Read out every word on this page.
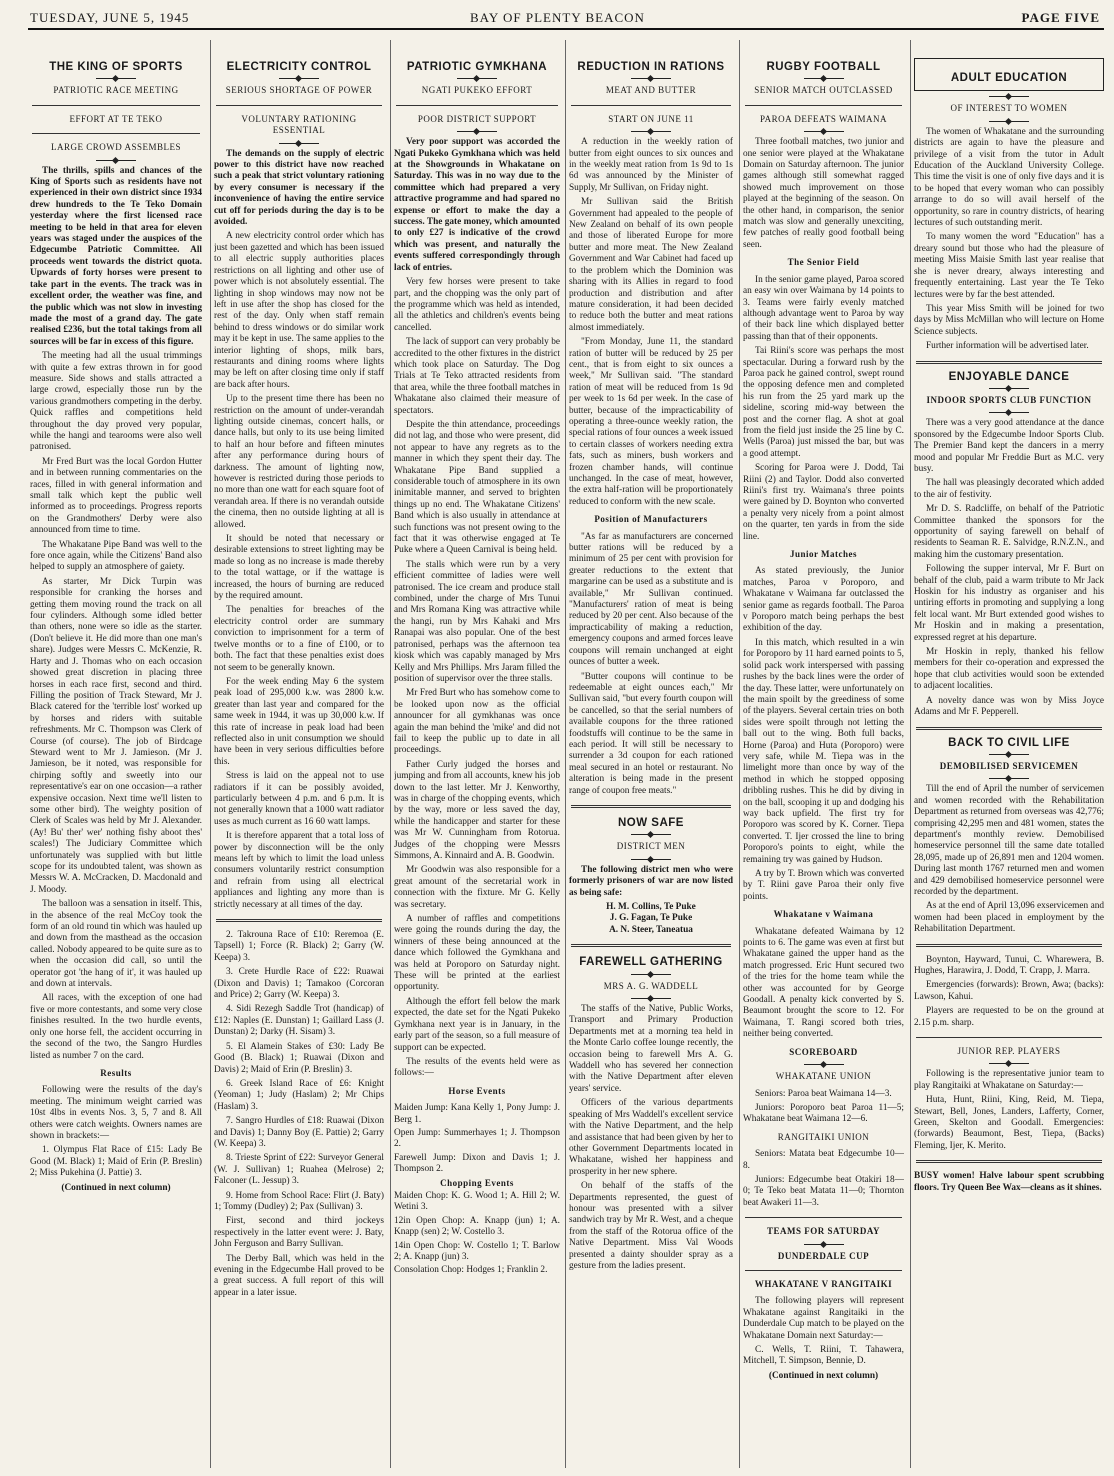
TUESDAY, JUNE 5, 1945	BAY OF PLENTY BEACON	PAGE FIVE
THE KING OF SPORTS
PATRIOTIC RACE MEETING
EFFORT AT TE TEKO
LARGE CROWD ASSEMBLES

The thrills, spills and chances of the King of Sports such as residents have not experienced in their own district since 1934 drew hundreds to the Te Teko Domain yesterday where the first licensed race meeting to be held in that area for eleven years was staged under the auspices of the Edgecumbe Patriotic Committee. All proceeds went towards the district quota. Upwards of forty horses were present to take part in the events. The track was in excellent order, the weather was fine, and the public which was not slow in investing made the most of a grand day. The gate realised £236, but the total takings from all sources will be far in excess of this figure.

The meeting had all the usual trimmings with quite a few extras thrown in for good measure. Side shows and stalls attracted a large crowd, especially those run by the various grandmothers competing in the derby. Quick raffles and competitions held throughout the day proved very popular, while the hangi and tearooms were also well patronised.

Mr Fred Burt was the local Gordon Hutter and in between running commentaries on the races, filled in with general information and small talk which kept the public well informed as to proceedings. Progress reports on the Grandmothers' Derby were also announced from time to time.

The Whakatane Pipe Band was well to the fore once again, while the Citizens' Band also helped to supply an atmosphere of gaiety.

As starter, Mr Dick Turpin was responsible for cranking the horses and getting them moving round the track on all four cylinders. Although some idled better than others, none were so idle as the starter. (Don't believe it. He did more than one man's share). Judges were Messrs C. McKenzie, R. Harty and J. Thomas who on each occasion showed great discretion in placing three horses in each race first, second and third. Filling the position of Track Steward, Mr J. Black catered for the 'terrible lost' worked up by horses and riders with suitable refreshments. Mr C. Thompson was Clerk of Course (of course). The job of Birdcage Steward went to Mr J. Jamieson. (Mr J. Jamieson, be it noted, was responsible for chirping softly and sweetly into our representative's ear on one occasion—a rather expensive occasion. Next time we'll listen to some other bird). The weighty position of Clerk of Scales was held by Mr J. Alexander. (Ay! Bu' ther' wer' nothing fishy aboot thes' scales!) The Judiciary Committee which unfortunately was supplied with but little scope for its undoubted talent, was shown as Messrs W. A. McCracken, D. Macdonald and J. Moody.

The balloon was a sensation in itself. This, in the absence of the real McCoy took the form of an old round tin which was hauled up and down from the masthead as the occasion called. Nobody appeared to be quite sure as to when the occasion did call, so until the operator got 'the hang of it', it was hauled up and down at intervals.

All races, with the exception of one had five or more contestants, and some very close finishes resulted. In the two hurdle events, only one horse fell, the accident occurring in the second of the two, the Sangro Hurdles listed as number 7 on the card.

Results

Following were the results of the day's meeting. The minimum weight carried was 10st 4lbs in events Nos. 3, 5, 7 and 8. All others were catch weights. Owners names are shown in brackets:—

1. Olympus Flat Race of £15: Lady Be Good (M. Black) 1; Maid of Erin (P. Breslin) 2; Miss Pukehina (J. Pattie) 3.

(Continued in next column)

ELECTRICITY CONTROL
SERIOUS SHORTAGE OF POWER
VOLUNTARY RATIONING ESSENTIAL

The demands on the supply of electric power to this district have now reached such a peak that strict voluntary rationing by every consumer is necessary if the inconvenience of having the entire service cut off for periods during the day is to be avoided.

A new electricity control order which has just been gazetted and which has been issued to all electric supply authorities places restrictions on all lighting and other use of power which is not absolutely essential. The lighting in shop windows may now not be left in use after the shop has closed for the rest of the day. Only when staff remain behind to dress windows or do similar work may it be kept in use. The same applies to the interior lighting of shops, milk bars, restaurants and dining rooms where lights may be left on after closing time only if staff are back after hours.

Up to the present time there has been no restriction on the amount of under-verandah lighting outside cinemas, concert halls, or dance halls, but only to its use being limited to half an hour before and fifteen minutes after any performance during hours of darkness. The amount of lighting now, however is restricted during those periods to no more than one watt for each square foot of verandah area. If there is no verandah outside the cinema, then no outside lighting at all is allowed.

It should be noted that necessary or desirable extensions to street lighting may be made so long as no increase is made thereby to the total wattage, or if the wattage is increased, the hours of burning are reduced by the required amount.

The penalties for breaches of the electricity control order are summary conviction to imprisonment for a term of twelve months or to a fine of £100, or to both. The fact that these penalties exist does not seem to be generally known.

For the week ending May 6 the system peak load of 295,000 k.w. was 2800 k.w. greater than last year and compared for the same week in 1944, it was up 30,000 k.w. If this rate of increase in peak load had been reflected also in unit consumption we should have been in very serious difficulties before this.

Stress is laid on the appeal not to use radiators if it can be possibly avoided, particularly between 4 p.m. and 6 p.m. It is not generally known that a 1000 watt radiator uses as much current as 16 60 watt lamps.

It is therefore apparent that a total loss of power by disconnection will be the only means left by which to limit the load unless consumers voluntarily restrict consumption and refrain from using all electrical appliances and lighting any more than is strictly necessary at all times of the day.

2. Takrouna Race of £10: Reremoa (E. Tapsell) 1; Force (R. Black) 2; Garry (W. Keepa) 3.

3. Crete Hurdle Race of £22: Ruawai (Dixon and Davis) 1; Tamakoo (Corcoran and Price) 2; Garry (W. Keepa) 3.

4. Sidi Rezegh Saddle Trot (handicap) of £12: Naples (E. Dunstan) 1; Gaillard Lass (J. Dunstan) 2; Darky (H. Sisam) 3.

5. El Alamein Stakes of £30: Lady Be Good (B. Black) 1; Ruawai (Dixon and Davis) 2; Maid of Erin (P. Breslin) 3.

6. Greek Island Race of £6: Knight (Yeoman) 1; Judy (Haslam) 2; Mr Chips (Haslam) 3.

7. Sangro Hurdles of £18: Ruawai (Dixon and Davis) 1; Danny Boy (E. Pattie) 2; Garry (W. Keepa) 3.

8. Trieste Sprint of £22: Surveyor General (W. J. Sullivan) 1; Ruahea (Melrose) 2; Falconer (L. Jessup) 3.

9. Home from School Race: Flirt (J. Baty) 1; Tommy (Dudley) 2; Pax (Sullivan) 3.

First, second and third jockeys respectively in the latter event were: J. Baty, John Ferguson and Barry Sullivan.

The Derby Ball, which was held in the evening in the Edgecumbe Hall proved to be a great success. A full report of this will appear in a later issue.

PATRIOTIC GYMKHANA
NGATI PUKEKO EFFORT
POOR DISTRICT SUPPORT

Very poor support was accorded the Ngati Pukeko Gymkhana which was held at the Showgrounds in Whakatane on Saturday. This was in no way due to the committee which had prepared a very attractive programme and had spared no expense or effort to make the day a success. The gate money, which amounted to only £27 is indicative of the crowd which was present, and naturally the events suffered correspondingly through lack of entries.

Very few horses were present to take part, and the chopping was the only part of the programme which was held as intended, all the athletics and children's events being cancelled.

The lack of support can very probably be accredited to the other fixtures in the district which took place on Saturday. The Dog Trials at Te Teko attracted residents from that area, while the three football matches in Whakatane also claimed their measure of spectators.

Despite the thin attendance, proceedings did not lag, and those who were present, did not appear to have any regrets as to the manner in which they spent their day. The Whakatane Pipe Band supplied a considerable touch of atmosphere in its own inimitable manner, and served to brighten things up no end. The Whakatane Citizens' Band which is also usually in attendance at such functions was not present owing to the fact that it was otherwise engaged at Te Puke where a Queen Carnival is being held.

The stalls which were run by a very efficient committee of ladies were well patronised. The ice cream and produce stall combined, under the charge of Mrs Tunui and Mrs Romana King was attractive while the hangi, run by Mrs Kahaki and Mrs Ranapai was also popular. One of the best patronised, perhaps was the afternoon tea kiosk which was capably managed by Mrs Kelly and Mrs Phillips. Mrs Jaram filled the position of supervisor over the three stalls.

Mr Fred Burt who has somehow come to be looked upon now as the official announcer for all gymkhanas was once again the man behind the 'mike' and did not fail to keep the public up to date in all proceedings.

Father Curly judged the horses and jumping and from all accounts, knew his job down to the last letter. Mr J. Kenworthy, was in charge of the chopping events, which by the way, more or less saved the day, while the handicapper and starter for these was Mr W. Cunningham from Rotorua. Judges of the chopping were Messrs Simmons, A. Kinnaird and A. B. Goodwin.

Mr Goodwin was also responsible for a great amount of the secretarial work in connection with the fixture. Mr G. Kelly was secretary.

A number of raffles and competitions were going the rounds during the day, the winners of these being announced at the dance which followed the Gymkhana and was held at Poroporo on Saturday night. These will be printed at the earliest opportunity.

Although the effort fell below the mark expected, the date set for the Ngati Pukeko Gymkhana next year is in January, in the early part of the season, so a full measure of support can be expected.

The results of the events held were as follows:—

Horse Events

Maiden Jump: Kana Kelly 1, Pony Jump: J. Berg 1.

Open Jump: Summerhayes 1; J. Thompson 2.

Farewell Jump: Dixon and Davis 1; J. Thompson 2.

Chopping Events

Maiden Chop: K. G. Wood 1; A. Hill 2; W. Wetini 3.

12in Open Chop: A. Knapp (jun) 1; A. Knapp (sen) 2; W. Costello 3.

14in Open Chop: W. Costello 1; T. Barlow 2; A. Knapp (jun) 3.

Consolation Chop: Hodges 1; Franklin 2.

REDUCTION IN RATIONS
MEAT AND BUTTER
START ON JUNE 11

A reduction in the weekly ration of butter from eight ounces to six ounces and in the weekly meat ration from 1s 9d to 1s 6d was announced by the Minister of Supply, Mr Sullivan, on Friday night.

Mr Sullivan said the British Government had appealed to the people of New Zealand on behalf of its own people and those of liberated Europe for more butter and more meat. The New Zealand Government and War Cabinet had faced up to the problem which the Dominion was sharing with its Allies in regard to food production and distribution and after mature consideration, it had been decided to reduce both the butter and meat rations almost immediately.

"From Monday, June 11, the standard ration of butter will be reduced by 25 per cent., that is from eight to six ounces a week," Mr Sullivan said. "The standard ration of meat will be reduced from 1s 9d per week to 1s 6d per week. In the case of butter, because of the impracticability of operating a three-ounce weekly ration, the special rations of four ounces a week issued to certain classes of workers needing extra fats, such as miners, bush workers and frozen chamber hands, will continue unchanged. In the case of meat, however, the extra half-ration will be proportionately reduced to conform with the new scale.

Position of Manufacturers

"As far as manufacturers are concerned butter rations will be reduced by a minimum of 25 per cent with provision for greater reductions to the extent that margarine can be used as a substitute and is available," Mr Sullivan continued. "Manufacturers' ration of meat is being reduced by 20 per cent. Also because of the impracticability of making a reduction, emergency coupons and armed forces leave coupons will remain unchanged at eight ounces of butter a week.

"Butter coupons will continue to be redeemable at eight ounces each," Mr Sullivan said, "but every fourth coupon will be cancelled, so that the serial numbers of available coupons for the three rationed foodstuffs will continue to be the same in each period. It will still be necessary to surrender a 3d coupon for each rationed meal secured in an hotel or restaurant. No alteration is being made in the present range of coupon free meats."

NOW SAFE
DISTRICT MEN

The following district men who were formerly prisoners of war are now listed as being safe:

H. M. Collins, Te Puke

J. G. Fagan, Te Puke

A. N. Steer, Taneatua

FAREWELL GATHERING
MRS A. G. WADDELL

The staffs of the Native, Public Works, Transport and Primary Production Departments met at a morning tea held in the Monte Carlo coffee lounge recently, the occasion being to farewell Mrs A. G. Waddell who has severed her connection with the Native Department after eleven years' service.

Officers of the various departments speaking of Mrs Waddell's excellent service with the Native Department, and the help and assistance that had been given by her to other Government Departments located in Whakatane, wished her happiness and prosperity in her new sphere.

On behalf of the staffs of the Departments represented, the guest of honour was presented with a silver sandwich tray by Mr R. West, and a cheque from the staff of the Rotorua office of the Native Department. Miss Val Woods presented a dainty shoulder spray as a gesture from the ladies present.

RUGBY FOOTBALL
SENIOR MATCH OUTCLASSED
PAROA DEFEATS WAIMANA

Three football matches, two junior and one senior were played at the Whakatane Domain on Saturday afternoon. The junior games although still somewhat ragged showed much improvement on those played at the beginning of the season. On the other hand, in comparison, the senior match was slow and generally unexciting, few patches of really good football being seen.

The Senior Field

In the senior game played, Paroa scored an easy win over Waimana by 14 points to 3. Teams were fairly evenly matched although advantage went to Paroa by way of their back line which displayed better passing than that of their opponents.

Tai Riini's score was perhaps the most spectacular. During a forward rush by the Paroa pack he gained control, swept round the opposing defence men and completed his run from the 25 yard mark up the sideline, scoring mid-way between the post and the corner flag. A shot at goal from the field just inside the 25 line by C. Wells (Paroa) just missed the bar, but was a good attempt.

Scoring for Paroa were J. Dodd, Tai Riini (2) and Taylor. Dodd also converted Riini's first try. Waimana's three points were gained by D. Boynton who converted a penalty very nicely from a point almost on the quarter, ten yards in from the side line.

Junior Matches

As stated previously, the Junior matches, Paroa v Poroporo, and Whakatane v Waimana far outclassed the senior game as regards football. The Paroa v Poroporo match being perhaps the best exhibition of the day.

In this match, which resulted in a win for Poroporo by 11 hard earned points to 5, solid pack work interspersed with passing rushes by the back lines were the order of the day. These latter, were unfortunately on the main spoilt by the greediness of some of the players. Several certain tries on both sides were spoilt through not letting the ball out to the wing. Both full backs, Horne (Paroa) and Huta (Poroporo) were very safe, while M. Tiepa was in the limelight more than once by way of the method in which he stopped opposing dribbling rushes. This he did by diving in on the ball, scooping it up and dodging his way back upfield. The first try for Poroporo was scored by K. Corner. Tiepa converted. T. Ijer crossed the line to bring Poroporo's points to eight, while the remaining try was gained by Hudson.

A try by T. Brown which was converted by T. Riini gave Paroa their only five points.

Whakatane v Waimana

Whakatane defeated Waimana by 12 points to 6. The game was even at first but Whakatane gained the upper hand as the match progressed. Eric Hunt secured two of the tries for the home team while the other was accounted for by George Goodall. A penalty kick converted by S. Beaumont brought the score to 12. For Waimana, T. Rangi scored both tries, neither being converted.

SCOREBOARD
WHAKATANE UNION

Seniors: Paroa beat Waimana 14—3.

Juniors: Poroporo beat Paroa 11—5; Whakatane beat Waimana 12—6.

RANGITAIKI UNION

Seniors: Matata beat Edgecumbe 10—8.

Juniors: Edgecumbe beat Otakiri 18—0; Te Teko beat Matata 11—0; Thornton beat Awakeri 11—3.

TEAMS FOR SATURDAY
DUNDERDALE CUP
WHAKATANE V RANGITAIKI

The following players will represent Whakatane against Rangitaiki in the Dunderdale Cup match to be played on the Whakatane Domain next Saturday:—

C. Wells, T. Riini, T. Tahawera, Mitchell, T. Simpson, Bennie, D.

(Continued in next column)

ADULT EDUCATION
OF INTEREST TO WOMEN

The women of Whakatane and the surrounding districts are again to have the pleasure and privilege of a visit from the tutor in Adult Education of the Auckland University College. This time the visit is one of only five days and it is to be hoped that every woman who can possibly arrange to do so will avail herself of the opportunity, so rare in country districts, of hearing lectures of such outstanding merit.

To many women the word "Education" has a dreary sound but those who had the pleasure of meeting Miss Maisie Smith last year realise that she is never dreary, always interesting and frequently entertaining. Last year the Te Teko lectures were by far the best attended.

This year Miss Smith will be joined for two days by Miss McMillan who will lecture on Home Science subjects.

Further information will be advertised later.

ENJOYABLE DANCE
INDOOR SPORTS CLUB FUNCTION

There was a very good attendance at the dance sponsored by the Edgecumbe Indoor Sports Club. The Premier Band kept the dancers in a merry mood and popular Mr Freddie Burt as M.C. very busy.

The hall was pleasingly decorated which added to the air of festivity.

Mr D. S. Radcliffe, on behalf of the Patriotic Committee thanked the sponsors for the opportunity of saying farewell on behalf of residents to Seaman R. E. Salvidge, R.N.Z.N., and making him the customary presentation.

Following the supper interval, Mr F. Burt on behalf of the club, paid a warm tribute to Mr Jack Hoskin for his industry as organiser and his untiring efforts in promoting and supplying a long felt local want. Mr Burt extended good wishes to Mr Hoskin and in making a presentation, expressed regret at his departure.

Mr Hoskin in reply, thanked his fellow members for their co-operation and expressed the hope that club activities would soon be extended to adjacent localities.

A novelty dance was won by Miss Joyce Adams and Mr F. Pepperell.

BACK TO CIVIL LIFE
DEMOBILISED SERVICEMEN

Till the end of April the number of servicemen and women recorded with the Rehabilitation Department as returned from overseas was 42,776; comprising 42,295 men and 481 women, states the department's monthly review. Demobilised homeservice personnel till the same date totalled 28,095, made up of 26,891 men and 1204 women. During last month 1767 returned men and women and 429 demobilised homeservice personnel were recorded by the department.

As at the end of April 13,096 exservicemen and women had been placed in employment by the Rehabilitation Department.

Boynton, Hayward, Tunui, C. Wharewera, B. Hughes, Harawira, J. Dodd, T. Crapp, J. Marra.

Emergencies (forwards): Brown, Awa; (backs): Lawson, Kahui.

Players are requested to be on the ground at 2.15 p.m. sharp.

JUNIOR REP. PLAYERS

Following is the representative junior team to play Rangitaiki at Whakatane on Saturday:—

Huta, Hunt, Riini, King, Reid, M. Tiepa, Stewart, Bell, Jones, Landers, Lafferty, Corner, Green, Skelton and Goodall. Emergencies: (forwards) Beaumont, Best, Tiepa, (Backs) Fleming, Ijer, K. Merito.

BUSY women! Halve labour spent scrubbing floors. Try Queen Bee Wax—cleans as it shines.
